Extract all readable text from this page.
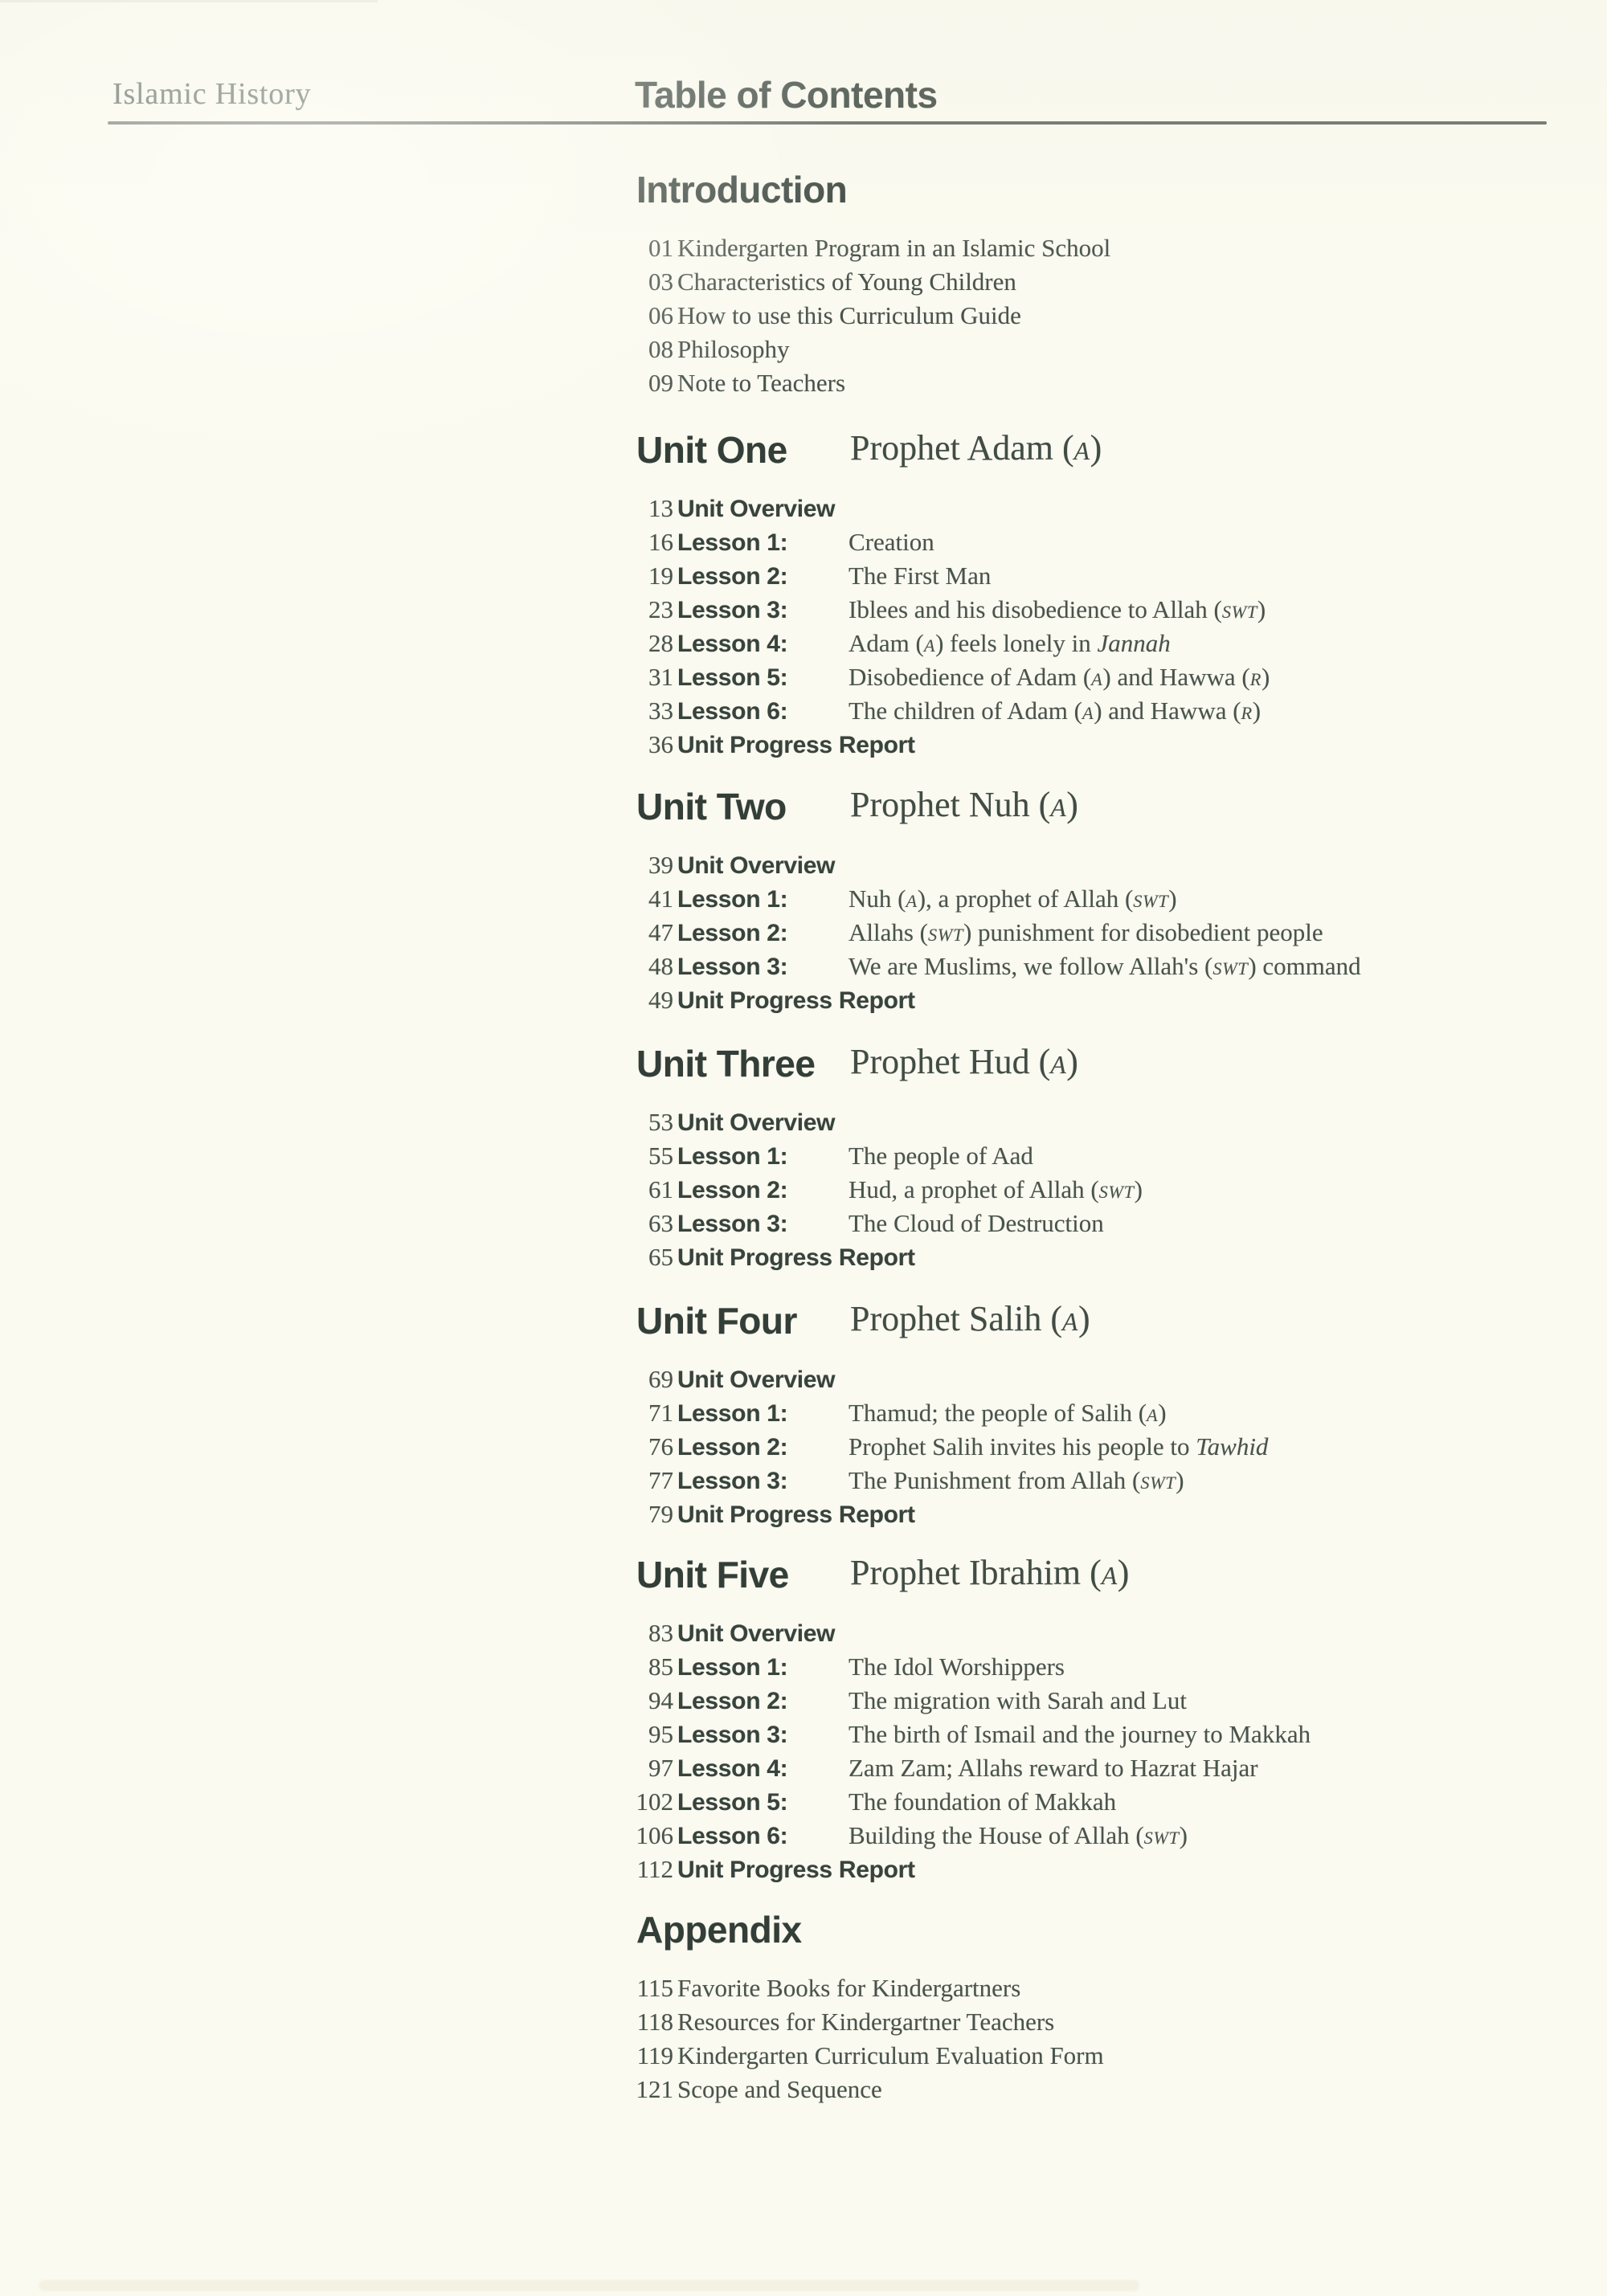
Islamic History	Table of Contents
Introduction
01 Kindergarten Program in an Islamic School
03 Characteristics of Young Children
06 How to use this Curriculum Guide
08 Philosophy
09 Note to Teachers
Unit One Prophet Adam (A)
13 Unit Overview
16 Lesson 1:	Creation
19 Lesson 2:	The First Man
23 Lesson 3:	Iblees and his disobedience to Allah (SWT)
28 Lesson 4:	Adam (A) feels lonely in Jannah
31 Lesson 5:	Disobedience of Adam (A) and Hawwa (R)
33 Lesson 6:	The children of Adam (A) and Hawwa (R)
36 Unit Progress Report
Unit Two Prophet Nuh (A)
39 Unit Overview
41 Lesson 1:	Nuh (A), a prophet of Allah (SWT)
47 Lesson 2:	Allahs (SWT) punishment for disobedient people
48 Lesson 3:	We are Muslims, we follow Allah's (SWT) command
49 Unit Progress Report
Unit Three Prophet Hud (A)
53 Unit Overview
55 Lesson 1:	The people of Aad
61 Lesson 2:	Hud, a prophet of Allah (SWT)
63 Lesson 3:	The Cloud of Destruction
65 Unit Progress Report
Unit Four Prophet Salih (A)
69 Unit Overview
71 Lesson 1:	Thamud; the people of Salih (A)
76 Lesson 2:	Prophet Salih invites his people to Tawhid
77 Lesson 3:	The Punishment from Allah (SWT)
79 Unit Progress Report
Unit Five Prophet Ibrahim (A)
83 Unit Overview
85 Lesson 1:	The Idol Worshippers
94 Lesson 2:	The migration with Sarah and Lut
95 Lesson 3:	The birth of Ismail and the journey to Makkah
97 Lesson 4:	Zam Zam; Allahs reward to Hazrat Hajar
102 Lesson 5:	The foundation of Makkah
106 Lesson 6:	Building the House of Allah (SWT)
112 Unit Progress Report
Appendix
115 Favorite Books for Kindergartners
118 Resources for Kindergartner Teachers
119 Kindergarten Curriculum Evaluation Form
121 Scope and Sequence
